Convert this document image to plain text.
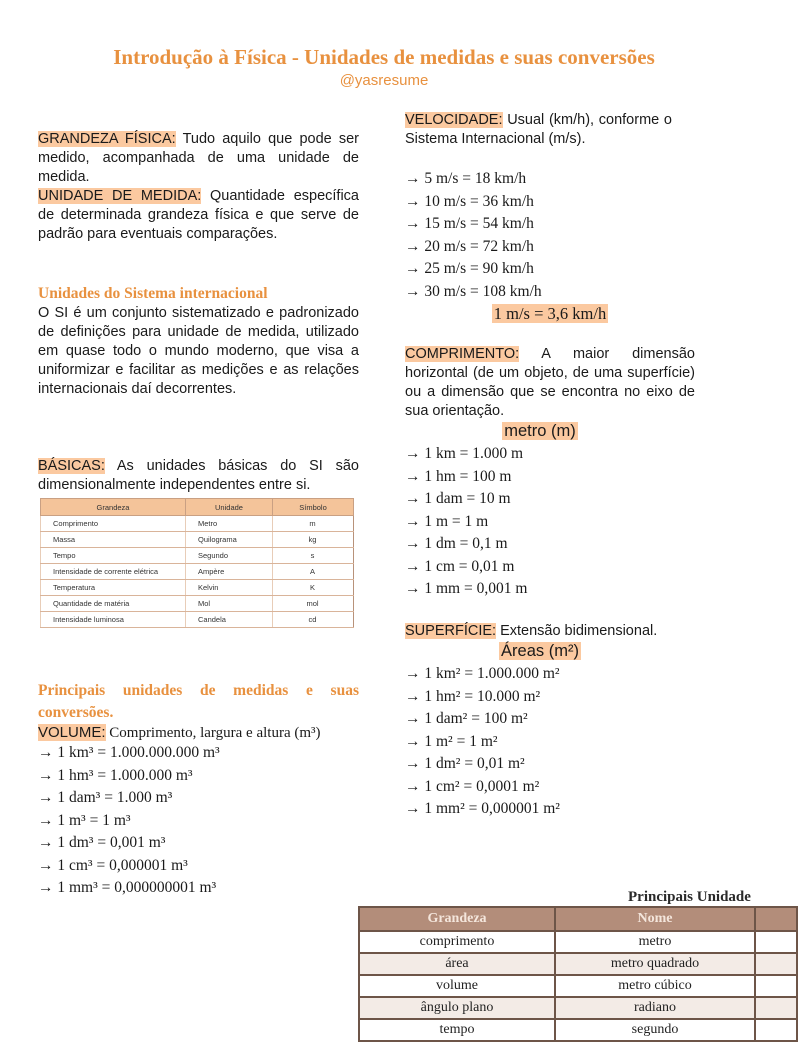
Introdução à Física - Unidades de medidas e suas conversões
@yasresume
GRANDEZA FÍSICA: Tudo aquilo que pode ser medido, acompanhada de uma unidade de medida.
UNIDADE DE MEDIDA: Quantidade específica de determinada grandeza física e que serve de padrão para eventuais comparações.
Unidades do Sistema internacional
O SI é um conjunto sistematizado e padronizado de definições para unidade de medida, utilizado em quase todo o mundo moderno, que visa a uniformizar e facilitar as medições e as relações internacionais daí decorrentes.
BÁSICAS: As unidades básicas do SI são dimensionalmente independentes entre si.
Grandeza	Unidade	Símbolo
Comprimento	Metro	m
Massa	Quilograma	kg
Tempo	Segundo	s
Intensidade de corrente elétrica	Ampère	A
Temperatura	Kelvin	K
Quantidade de matéria	Mol	mol
Intensidade luminosa	Candela	cd
Principais unidades de medidas e suas conversões.
VOLUME: Comprimento, largura e altura (m³)
→ 1 km³ = 1.000.000.000 m³
→ 1 hm³ = 1.000.000 m³
→ 1 dam³ = 1.000 m³
→ 1 m³ = 1 m³
→ 1 dm³ = 0,001 m³
→ 1 cm³ = 0,000001 m³
→ 1 mm³ = 0,000000001 m³
VELOCIDADE: Usual (km/h), conforme o Sistema Internacional (m/s).
→ 5 m/s = 18 km/h
→ 10 m/s = 36 km/h
→ 15 m/s = 54 km/h
→ 20 m/s = 72 km/h
→ 25 m/s = 90 km/h
→ 30 m/s = 108 km/h
1 m/s = 3,6 km/h
COMPRIMENTO: A maior dimensão horizontal (de um objeto, de uma superfície) ou a dimensão que se encontra no eixo de sua orientação.
metro (m)
→ 1 km = 1.000 m
→ 1 hm = 100 m
→ 1 dam = 10 m
→ 1 m = 1 m
→ 1 dm = 0,1 m
→ 1 cm = 0,01 m
→ 1 mm = 0,001 m
SUPERFÍCIE: Extensão bidimensional.
Áreas (m²)
→ 1 km² = 1.000.000 m²
→ 1 hm² = 10.000 m²
→ 1 dam² = 100 m²
→ 1 m² = 1 m²
→ 1 dm² = 0,01 m²
→ 1 cm² = 0,0001 m²
→ 1 mm² = 0,000001 m²
Principais Unidade
Grandeza	Nome	
comprimento	metro	
área	metro quadrado	
volume	metro cúbico	
ângulo plano	radiano	
tempo	segundo	
